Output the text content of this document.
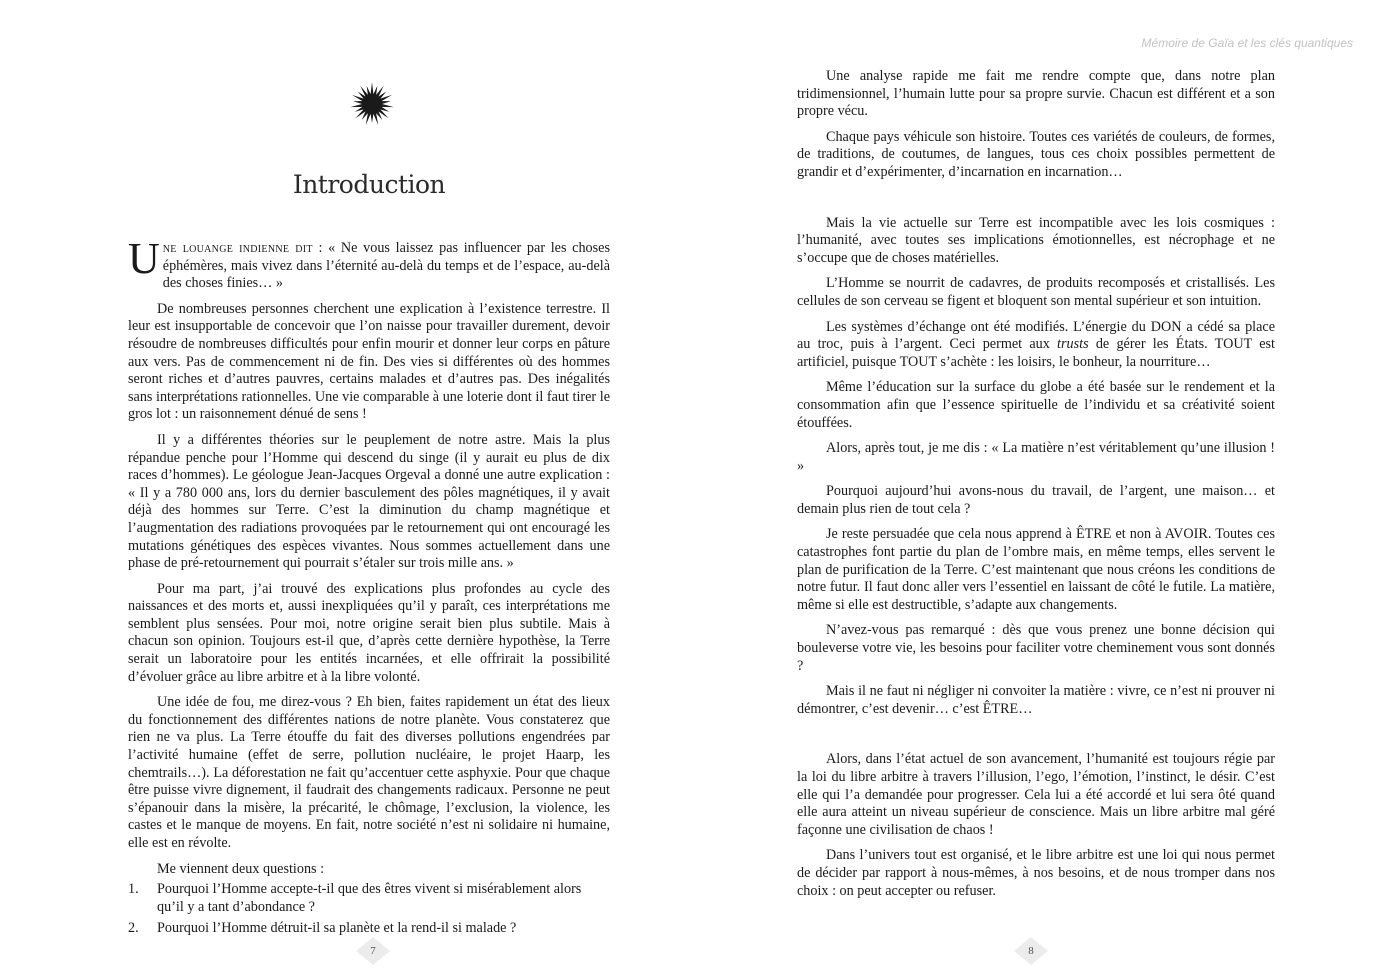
Introduction

Une louange indienne dit : « Ne vous laissez pas influencer par les choses éphémères, mais vivez dans l’éternité au-delà du temps et de l’espace, au-delà des choses finies… »

De nombreuses personnes cherchent une explication à l’existence terrestre. Il leur est insupportable de concevoir que l’on naisse pour travailler durement, devoir résoudre de nombreuses difficultés pour enfin mourir et donner leur corps en pâture aux vers. Pas de commencement ni de fin. Des vies si différentes où des hommes seront riches et d’autres pauvres, certains malades et d’autres pas. Des inégalités sans interprétations rationnelles. Une vie comparable à une loterie dont il faut tirer le gros lot : un raisonnement dénué de sens !

Il y a différentes théories sur le peuplement de notre astre. Mais la plus répandue penche pour l’Homme qui descend du singe (il y aurait eu plus de dix races d’hommes). Le géologue Jean-Jacques Orgeval a donné une autre explication : « Il y a 780 000 ans, lors du dernier basculement des pôles magnétiques, il y avait déjà des hommes sur Terre. C’est la diminution du champ magnétique et l’augmentation des radiations provoquées par le retournement qui ont encouragé les mutations génétiques des espèces vivantes. Nous sommes actuellement dans une phase de pré-retournement qui pourrait s’étaler sur trois mille ans. »

Pour ma part, j’ai trouvé des explications plus profondes au cycle des naissances et des morts et, aussi inexpliquées qu’il y paraît, ces interprétations me semblent plus sensées. Pour moi, notre origine serait bien plus subtile. Mais à chacun son opinion. Toujours est-il que, d’après cette dernière hypothèse, la Terre serait un laboratoire pour les entités incarnées, et elle offrirait la possibilité d’évoluer grâce au libre arbitre et à la libre volonté.

Une idée de fou, me direz-vous ? Eh bien, faites rapidement un état des lieux du fonctionnement des différentes nations de notre planète. Vous constaterez que rien ne va plus. La Terre étouffe du fait des diverses pollutions engendrées par l’activité humaine (effet de serre, pollution nucléaire, le projet Haarp, les chemtrails…). La déforestation ne fait qu’accentuer cette asphyxie. Pour que chaque être puisse vivre dignement, il faudrait des changements radicaux. Personne ne peut s’épanouir dans la misère, la précarité, le chômage, l’exclusion, la violence, les castes et le manque de moyens. En fait, notre société n’est ni solidaire ni humaine, elle est en révolte.

Me viennent deux questions :

1. Pourquoi l’Homme accepte-t-il que des êtres vivent si misérablement alors qu’il y a tant d’abondance ?
2. Pourquoi l’Homme détruit-il sa planète et la rend-il si malade ?
7
Mémoire de Gaïa et les clés quantiques

Une analyse rapide me fait me rendre compte que, dans notre plan tridimensionnel, l’humain lutte pour sa propre survie. Chacun est différent et a son propre vécu.

Chaque pays véhicule son histoire. Toutes ces variétés de couleurs, de formes, de traditions, de coutumes, de langues, tous ces choix possibles permettent de grandir et d’expérimenter, d’incarnation en incarnation…

Mais la vie actuelle sur Terre est incompatible avec les lois cosmiques : l’humanité, avec toutes ses implications émotionnelles, est nécrophage et ne s’occupe que de choses matérielles.

L’Homme se nourrit de cadavres, de produits recomposés et cristallisés. Les cellules de son cerveau se figent et bloquent son mental supérieur et son intuition.

Les systèmes d’échange ont été modifiés. L’énergie du DON a cédé sa place au troc, puis à l’argent. Ceci permet aux trusts de gérer les États. TOUT est artificiel, puisque TOUT s’achète : les loisirs, le bonheur, la nourriture…

Même l’éducation sur la surface du globe a été basée sur le rendement et la consommation afin que l’essence spirituelle de l’individu et sa créativité soient étouffées.

Alors, après tout, je me dis : « La matière n’est véritablement qu’une illusion ! »

Pourquoi aujourd’hui avons-nous du travail, de l’argent, une maison… et demain plus rien de tout cela ?

Je reste persuadée que cela nous apprend à ÊTRE et non à AVOIR. Toutes ces catastrophes font partie du plan de l’ombre mais, en même temps, elles servent le plan de purification de la Terre. C’est maintenant que nous créons les conditions de notre futur. Il faut donc aller vers l’essentiel en laissant de côté le futile. La matière, même si elle est destructible, s’adapte aux changements.

N’avez-vous pas remarqué : dès que vous prenez une bonne décision qui bouleverse votre vie, les besoins pour faciliter votre cheminement vous sont donnés ?

Mais il ne faut ni négliger ni convoiter la matière : vivre, ce n’est ni prouver ni démontrer, c’est devenir… c’est ÊTRE…

Alors, dans l’état actuel de son avancement, l’humanité est toujours régie par la loi du libre arbitre à travers l’illusion, l’ego, l’émotion, l’instinct, le désir. C’est elle qui l’a demandée pour progresser. Cela lui a été accordé et lui sera ôté quand elle aura atteint un niveau supérieur de conscience. Mais un libre arbitre mal géré façonne une civilisation de chaos !

Dans l’univers tout est organisé, et le libre arbitre est une loi qui nous permet de décider par rapport à nous-mêmes, à nos besoins, et de nous tromper dans nos choix : on peut accepter ou refuser.

8
